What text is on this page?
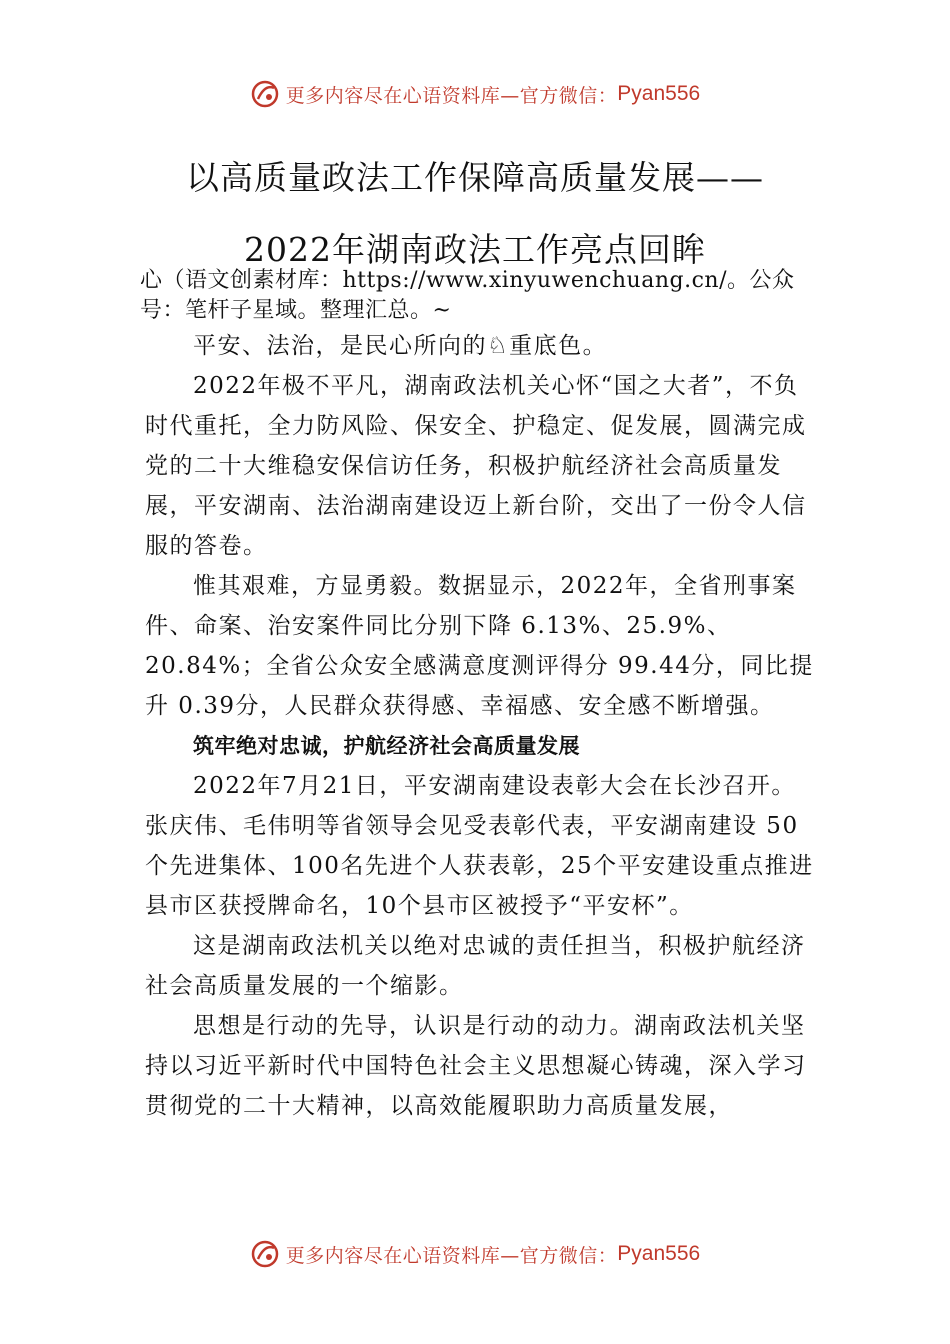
更多内容尽在心语资料库—官方微信： Pyan556
以高质量政法工作保障高质量发展——
2022年湖南政法工作亮点回眸
心（语文创素材库：https://www.xinyuwenchuang.cn/。公众号：笔杆子星域。整理汇总。~

平安、法治，是民心所向的♘重底色。

2022年极不平凡，湖南政法机关心怀“国之大者”，不负时代重托，全力防风险、保安全、护稳定、促发展，圆满完成党的二十大维稳安保信访任务，积极护航经济社会高质量发展，平安湖南、法治湖南建设迈上新台阶，交出了一份令人信服的答卷。

惟其艰难，方显勇毅。数据显示，2022年，全省刑事案件、命案、治安案件同比分别下降 6.13%、25.9%、20.84%；全省公众安全感满意度测评得分 99.44分，同比提升 0.39分，人民群众获得感、幸福感、安全感不断增强。

筑牢绝对忠诚，护航经济社会高质量发展

2022年7月21日，平安湖南建设表彰大会在长沙召开。张庆伟、毛伟明等省领导会见受表彰代表，平安湖南建设 50个先进集体、100名先进个人获表彰，25个平安建设重点推进县市区获授牌命名，10个县市区被授予“平安杯”。

这是湖南政法机关以绝对忠诚的责任担当，积极护航经济社会高质量发展的一个缩影。

思想是行动的先导，认识是行动的动力。湖南政法机关坚持以习近平新时代中国特色社会主义思想凝心铸魂，深入学习贯彻党的二十大精神，以高效能履职助力高质量发展，

更多内容尽在心语资料库—官方微信： Pyan556
